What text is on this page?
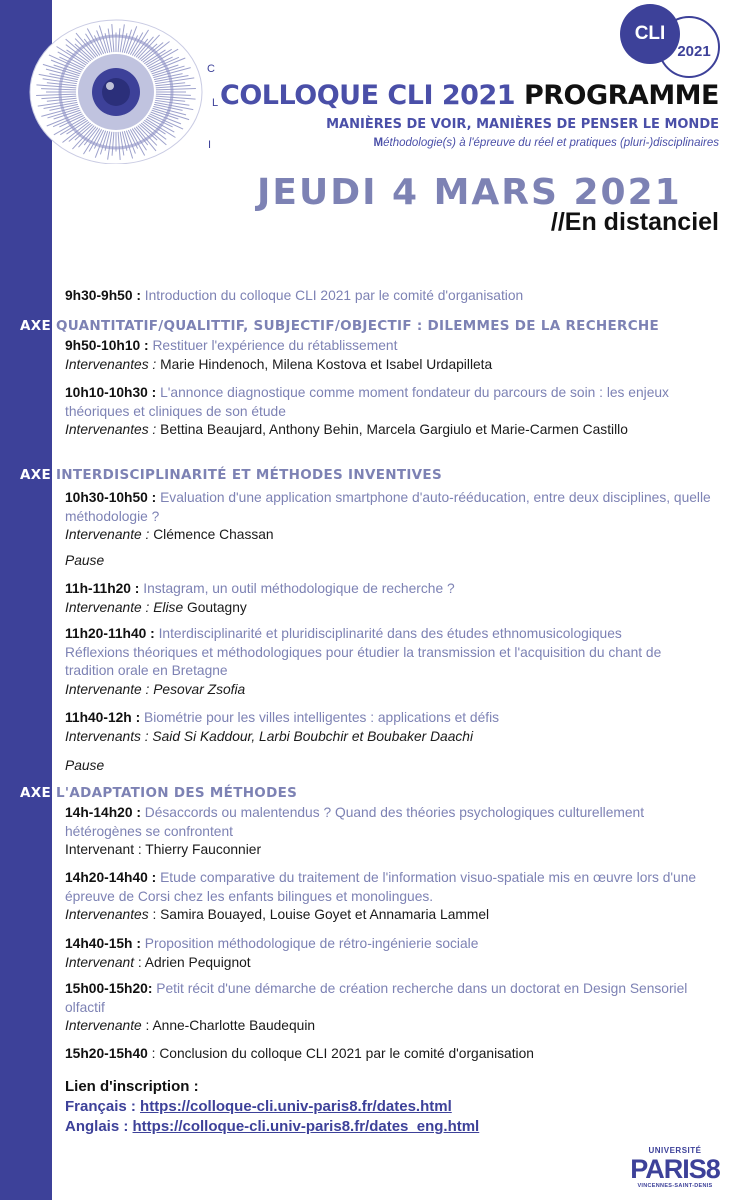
C
L
I
CLI
2021
COLLOQUE CLI 2021 PROGRAMME
MANIÈRES DE VOIR, MANIÈRES DE PENSER LE MONDE
Méthodologie(s) à l'épreuve du réel et pratiques (pluri-)disciplinaires
JEUDI 4 MARS 2021
//En distanciel
9h30-9h50 : Introduction du colloque CLI 2021 par le comité d'organisation
AXE QUANTITATIF/QUALITTIF, SUBJECTIF/OBJECTIF : DILEMMES DE LA RECHERCHE
9h50-10h10 : Restituer l'expérience du rétablissement
Intervenantes : Marie Hindenoch, Milena Kostova et Isabel Urdapilleta
10h10-10h30 : L'annonce diagnostique comme moment fondateur du parcours de soin : les enjeux théoriques et cliniques de son étude
Intervenantes : Bettina Beaujard, Anthony Behin, Marcela Gargiulo et Marie-Carmen Castillo
AXE INTERDISCIPLINARITÉ ET MÉTHODES INVENTIVES
10h30-10h50 : Evaluation d'une application smartphone d'auto-rééducation, entre deux disciplines, quelle méthodologie ?
Intervenante : Clémence Chassan
Pause
11h-11h20 : Instagram, un outil méthodologique de recherche ?
Intervenante : Elise Goutagny
11h20-11h40 : Interdisciplinarité et pluridisciplinarité dans des études ethnomusicologiques Réflexions théoriques et méthodologiques pour étudier la transmission et l'acquisition du chant de tradition orale en Bretagne
Intervenante : Pesovar Zsofia
11h40-12h : Biométrie pour les villes intelligentes : applications et défis
Intervenants : Said Si Kaddour, Larbi Boubchir et Boubaker Daachi
Pause
AXE L'ADAPTATION DES MÉTHODES
14h-14h20 : Désaccords ou malentendus ? Quand des théories psychologiques culturellement hétérogènes se confrontent
Intervenant : Thierry Fauconnier
14h20-14h40 : Etude comparative du traitement de l'information visuo-spatiale mis en œuvre lors d'une épreuve de Corsi chez les enfants bilingues et monolingues.
Intervenantes : Samira Bouayed, Louise Goyet et Annamaria Lammel
14h40-15h : Proposition méthodologique de rétro-ingénierie sociale
Intervenant : Adrien Pequignot
15h00-15h20: Petit récit d'une démarche de création recherche dans un doctorat en Design Sensoriel olfactif
Intervenante : Anne-Charlotte Baudequin
15h20-15h40 : Conclusion du colloque CLI 2021 par le comité d'organisation
Lien d'inscription :
Français : https://colloque-cli.univ-paris8.fr/dates.html
Anglais : https://colloque-cli.univ-paris8.fr/dates_eng.html
UNIVERSITÉ
PARIS8
VINCENNES-SAINT-DENIS
